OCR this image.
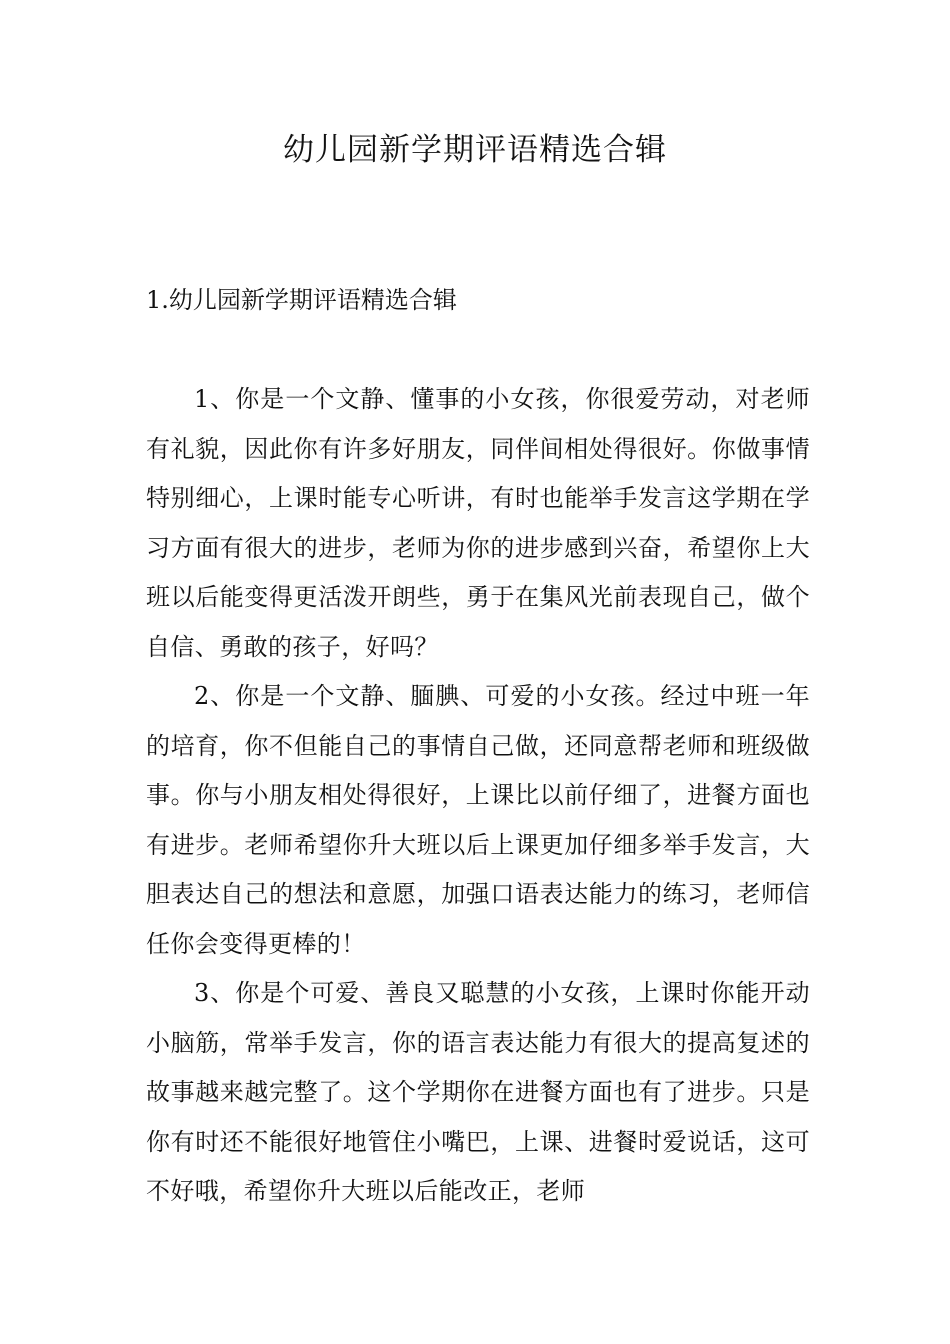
幼儿园新学期评语精选合辑
1.幼儿园新学期评语精选合辑

1、你是一个文静、懂事的小女孩，你很爱劳动，对老师有礼貌，因此你有许多好朋友，同伴间相处得很好。你做事情特别细心，上课时能专心听讲，有时也能举手发言这学期在学习方面有很大的进步，老师为你的进步感到兴奋，希望你上大班以后能变得更活泼开朗些，勇于在集风光前表现自己，做个自信、勇敢的孩子，好吗？

2、你是一个文静、腼腆、可爱的小女孩。经过中班一年的培育，你不但能自己的事情自己做，还同意帮老师和班级做事。你与小朋友相处得很好，上课比以前仔细了，进餐方面也有进步。老师希望你升大班以后上课更加仔细多举手发言，大胆表达自己的想法和意愿，加强口语表达能力的练习，老师信任你会变得更棒的！

3、你是个可爱、善良又聪慧的小女孩，上课时你能开动小脑筋，常举手发言，你的语言表达能力有很大的提高复述的故事越来越完整了。这个学期你在进餐方面也有了进步。只是你有时还不能很好地管住小嘴巴，上课、进餐时爱说话，这可不好哦，希望你升大班以后能改正，老师
